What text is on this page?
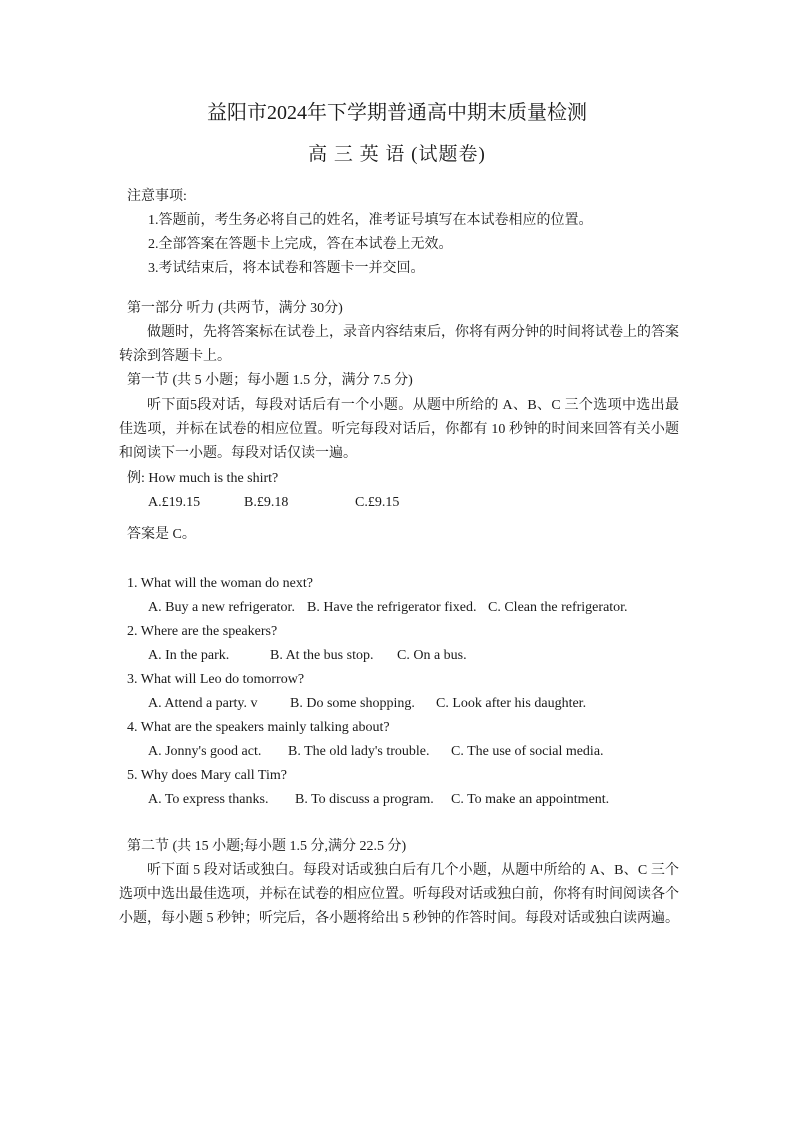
益阳市2024年下学期普通高中期末质量检测
高 三 英 语 (试题卷)
注意事项:
1.答题前，考生务必将自己的姓名，准考证号填写在本试卷相应的位置。
2.全部答案在答题卡上完成，答在本试卷上无效。
3.考试结束后，将本试卷和答题卡一并交回。
第一部分 听力 (共两节，满分 30分)
做题时，先将答案标在试卷上，录音内容结束后，你将有两分钟的时间将试卷上的答案转涂到答题卡上。
第一节 (共 5 小题；每小题 1.5 分，满分 7.5 分)
听下面5段对话，每段对话后有一个小题。从题中所给的 A、B、C 三个选项中选出最佳选项，并标在试卷的相应位置。听完每段对话后，你都有 10 秒钟的时间来回答有关小题和阅读下一小题。每段对话仅读一遍。
例: How much is the shirt?
A.£19.15	B.£9.18	C.£9.15
答案是 C。
1. What will the woman do next?
A. Buy a new refrigerator. B. Have the refrigerator fixed. C. Clean the refrigerator.
2. Where are the speakers?
A. In the park.	B. At the bus stop. C. On a bus.
3. What will Leo do tomorrow?
A. Attend a party. v B. Do some shopping. C. Look after his daughter.
4. What are the speakers mainly talking about?
A. Jonny's good act. B. The old lady's trouble. C. The use of social media.
5. Why does Mary call Tim?
A. To express thanks. B. To discuss a program. C. To make an appointment.
第二节 (共 15 小题;每小题 1.5 分,满分 22.5 分)
听下面 5 段对话或独白。每段对话或独白后有几个小题，从题中所给的 A、B、C 三个选项中选出最佳选项，并标在试卷的相应位置。听每段对话或独白前，你将有时间阅读各个小题，每小题 5 秒钟；听完后，各小题将给出 5 秒钟的作答时间。每段对话或独白读两遍。
